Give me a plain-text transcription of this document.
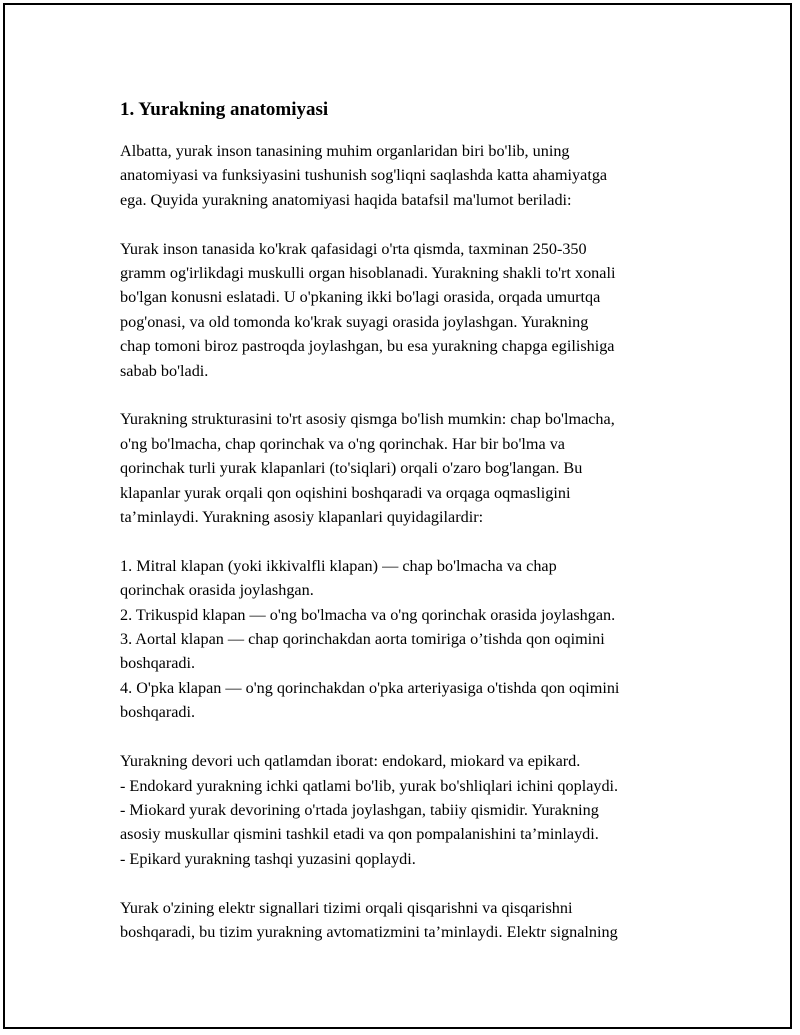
1. Yurakning anatomiyasi

Albatta, yurak inson tanasining muhim organlaridan biri bo'lib, uning
anatomiyasi va funksiyasini tushunish sog'liqni saqlashda katta ahamiyatga
ega. Quyida yurakning anatomiyasi haqida batafsil ma'lumot beriladi:

Yurak inson tanasida ko'krak qafasidagi o'rta qismda, taxminan 250-350
gramm og'irlikdagi muskulli organ hisoblanadi. Yurakning shakli to'rt xonali
bo'lgan konusni eslatadi. U o'pkaning ikki bo'lagi orasida, orqada umurtqa
pog'onasi, va old tomonda ko'krak suyagi orasida joylashgan. Yurakning
chap tomoni biroz pastroqda joylashgan, bu esa yurakning chapga egilishiga
sabab bo'ladi.

Yurakning strukturasini to'rt asosiy qismga bo'lish mumkin: chap bo'lmacha,
o'ng bo'lmacha, chap qorinchak va o'ng qorinchak. Har bir bo'lma va
qorinchak turli yurak klapanlari (to'siqlari) orqali o'zaro bog'langan. Bu
klapanlar yurak orqali qon oqishini boshqaradi va orqaga oqmasligini
ta’minlaydi. Yurakning asosiy klapanlari quyidagilardir:

1. Mitral klapan (yoki ikkivalfli klapan) — chap bo'lmacha va chap
qorinchak orasida joylashgan.
2. Trikuspid klapan — o'ng bo'lmacha va o'ng qorinchak orasida joylashgan.
3. Aortal klapan — chap qorinchakdan aorta tomiriga o’tishda qon oqimini
boshqaradi.
4. O'pka klapan — o'ng qorinchakdan o'pka arteriyasiga o'tishda qon oqimini
boshqaradi.

Yurakning devori uch qatlamdan iborat: endokard, miokard va epikard.
- Endokard yurakning ichki qatlami bo'lib, yurak bo'shliqlari ichini qoplaydi.
- Miokard yurak devorining o'rtada joylashgan, tabiiy qismidir. Yurakning
asosiy muskullar qismini tashkil etadi va qon pompalanishini ta’minlaydi.
- Epikard yurakning tashqi yuzasini qoplaydi.

Yurak o'zining elektr signallari tizimi orqali qisqarishni va qisqarishni
boshqaradi, bu tizim yurakning avtomatizmini ta’minlaydi. Elektr signalning
